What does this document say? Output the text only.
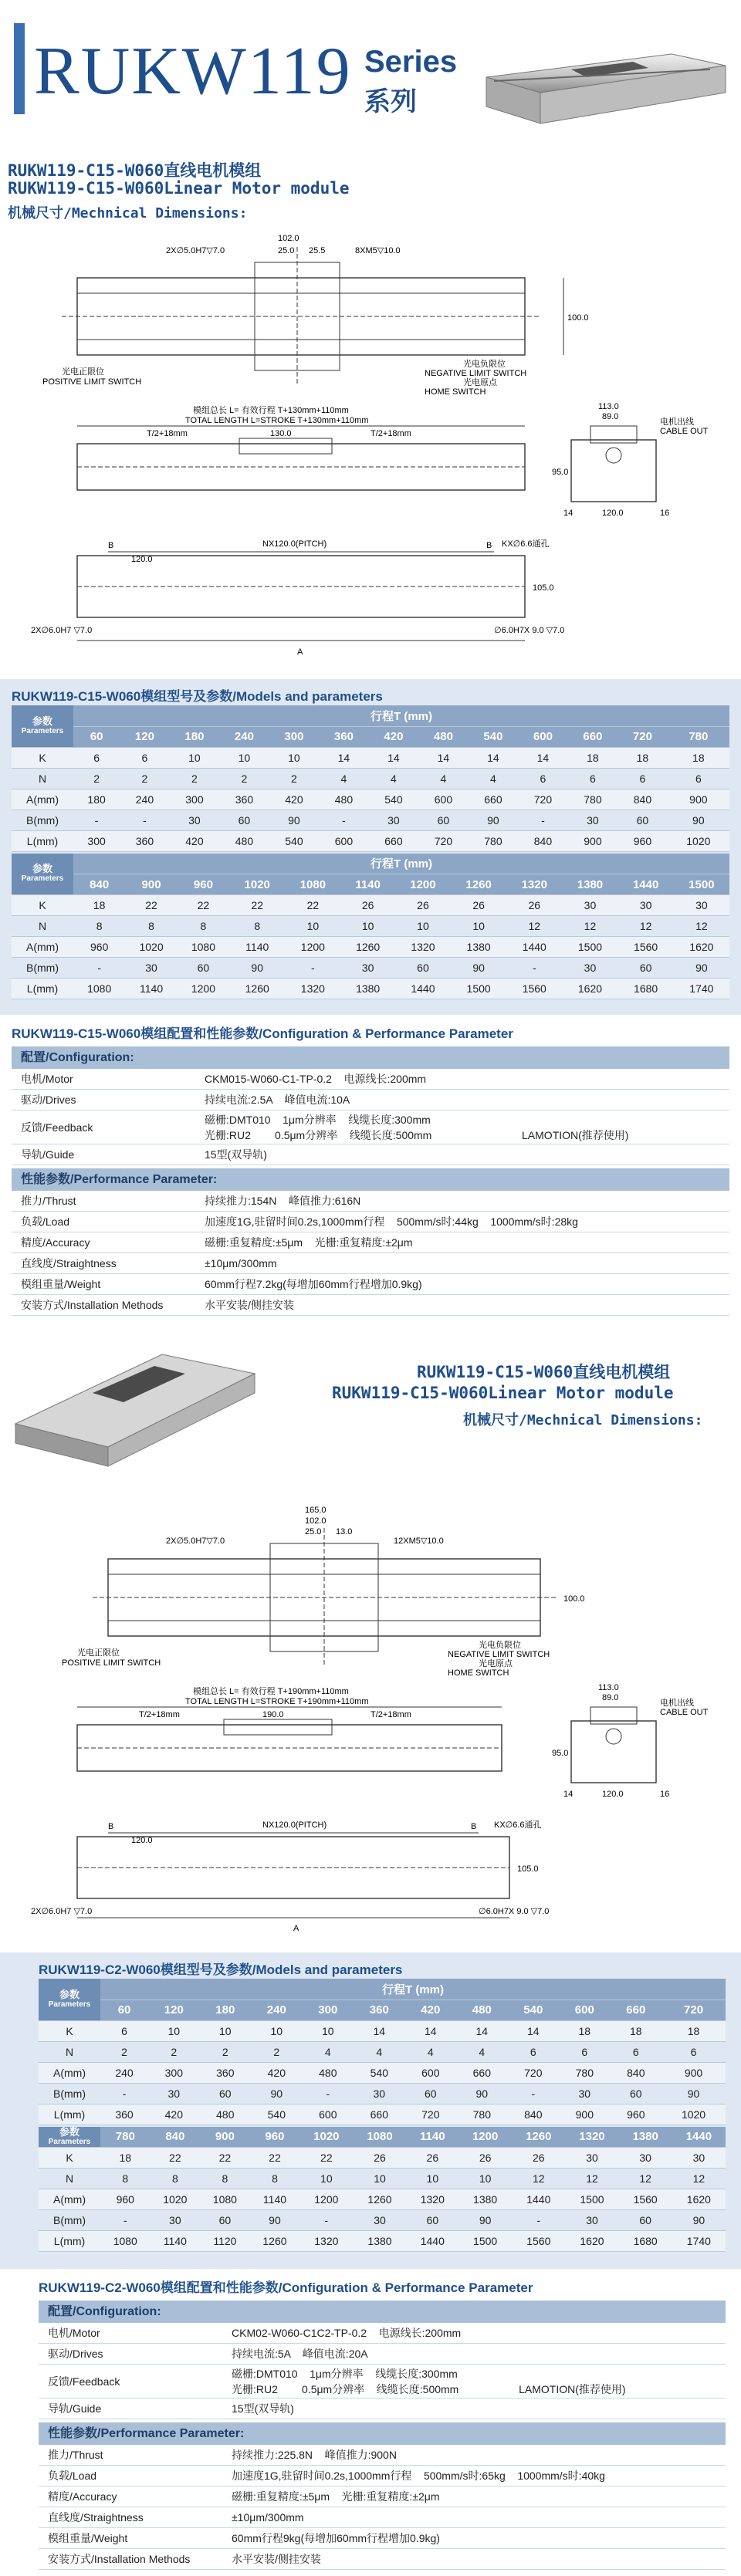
RUKW119 Series
系列
RUKW119-C15-W060直线电机模组
RUKW119-C15-W060Linear Motor module
机械尺寸/Mechnical Dimensions:
102.0
25.0 25.5
2X∅5.0H7▽7.0	8XM5▽10.0
100.0
光电正限位
POSITIVE LIMIT SWITCH
光电负限位
NEGATIVE LIMIT SWITCH
光电原点
HOME SWITCH
模组总长 L= 有效行程 T+130mm+110mm
TOTAL LENGTH L=STROKE T+130mm+110mm
T/2+18mm	130.0	T/2+18mm
113.0
89.0
95.0
120.0
14	16
电机出线
CABLE OUT
NX120.0(PITCH)
120.0
KX∅6.6通孔
105.0
2X∅6.0H7 ▽7.0	∅6.0H7X 9.0 ▽7.0
A
B	B
RUKW119-C15-W060模组型号及参数/Models and parameters
参数
Parameters	行程T (mm)												
	60	120	180	240	300	360	420	480	540	600	660	720	780
K	6	6	10	10	10	14	14	14	14	14	18	18	18
N	2	2	2	2	2	4	4	4	4	6	6	6	6
A(mm)	180	240	300	360	420	480	540	600	660	720	780	840	900
B(mm)	-	-	30	60	90	-	30	60	90	-	30	60	90
L(mm)	300	360	420	480	540	600	660	720	780	840	900	960	1020
参数
Parameters	行程T (mm)											
	840	900	960	1020	1080	1140	1200	1260	1320	1380	1440	1500
K	18	22	22	22	22	26	26	26	26	30	30	30
N	8	8	8	8	10	10	10	10	12	12	12	12
A(mm)	960	1020	1080	1140	1200	1260	1320	1380	1440	1500	1560	1620
B(mm)	-	30	60	90	-	30	60	90	-	30	60	90
L(mm)	1080	1140	1200	1260	1320	1380	1440	1500	1560	1620	1680	1740
RUKW119-C15-W060模组配置和性能参数/Configuration & Performance Parameter
配置/Configuration:
电机/Motor	CKM015-W060-C1-TP-0.2    电源线长:200mm
驱动/Drives	持续电流:2.5A    峰值电流:10A
反馈/Feedback
磁栅:DMT010    1μm分辨率    线缆长度:300mm
光栅:RU2        0.5μm分辨率    线缆长度:500mm                              LAMOTION(推荐使用)
导轨/Guide	15型(双导轨)
性能参数/Performance Parameter:
推力/Thrust	持续推力:154N    峰值推力:616N
负载/Load	加速度1G,驻留时间0.2s,1000mm行程    500mm/s时:44kg    1000mm/s时:28kg
精度/Accuracy	磁栅:重复精度:±5μm    光栅:重复精度:±2μm
直线度/Straightness	±10μm/300mm
模组重量/Weight	60mm行程7.2kg(每增加60mm行程增加0.9kg)
安装方式/Installation Methods	水平安装/侧挂安装
RUKW119-C15-W060直线电机模组
RUKW119-C15-W060Linear Motor module
机械尺寸/Mechnical Dimensions:
165.0
102.0
25.0 13.0
2X∅5.0H7▽7.0	12XM5▽10.0
100.0
光电正限位
POSITIVE LIMIT SWITCH
光电负限位
NEGATIVE LIMIT SWITCH
光电原点
HOME SWITCH
模组总长 L= 有效行程 T+190mm+110mm
TOTAL LENGTH L=STROKE T+190mm+110mm
T/2+18mm	190.0	T/2+18mm
113.0
89.0
95.0
120.0
14	16
电机出线
CABLE OUT
NX120.0(PITCH)
120.0
KX∅6.6通孔
105.0
2X∅6.0H7 ▽7.0	∅6.0H7X 9.0 ▽7.0
A
B	B
RUKW119-C2-W060模组型号及参数/Models and parameters
参数
Parameters	行程T (mm)											
	60	120	180	240	300	360	420	480	540	600	660	720
K	6	10	10	10	10	14	14	14	14	18	18	18
N	2	2	2	2	4	4	4	4	6	6	6	6
A(mm)	240	300	360	420	480	540	600	660	720	780	840	900
B(mm)	-	30	60	90	-	30	60	90	-	30	60	90
L(mm)	360	420	480	540	600	660	720	780	840	900	960	1020
参数
Parameters	780	840	900	960	1020	1080	1140	1200	1260	1320	1380	1440
K	18	22	22	22	22	26	26	26	26	30	30	30
N	8	8	8	8	10	10	10	10	12	12	12	12
A(mm)	960	1020	1080	1140	1200	1260	1320	1380	1440	1500	1560	1620
B(mm)	-	30	60	90	-	30	60	90	-	30	60	90
L(mm)	1080	1140	1120	1260	1320	1380	1440	1500	1560	1620	1680	1740
RUKW119-C2-W060模组配置和性能参数/Configuration & Performance Parameter
配置/Configuration:
电机/Motor	CKM02-W060-C1C2-TP-0.2    电源线长:200mm
驱动/Drives	持续电流:5A    峰值电流:20A
反馈/Feedback
磁栅:DMT010    1μm分辨率    线缆长度:300mm
光栅:RU2        0.5μm分辨率    线缆长度:500mm                    LAMOTION(推荐使用)
导轨/Guide	15型(双导轨)
性能参数/Performance Parameter:
推力/Thrust	持续推力:225.8N    峰值推力:900N
负载/Load	加速度1G,驻留时间0.2s,1000mm行程    500mm/s时:65kg    1000mm/s时:40kg
精度/Accuracy	磁栅:重复精度:±5μm    光栅:重复精度:±2μm
直线度/Straightness	±10μm/300mm
模组重量/Weight	60mm行程9kg(每增加60mm行程增加0.9kg)
安装方式/Installation Methods	水平安装/侧挂安装
